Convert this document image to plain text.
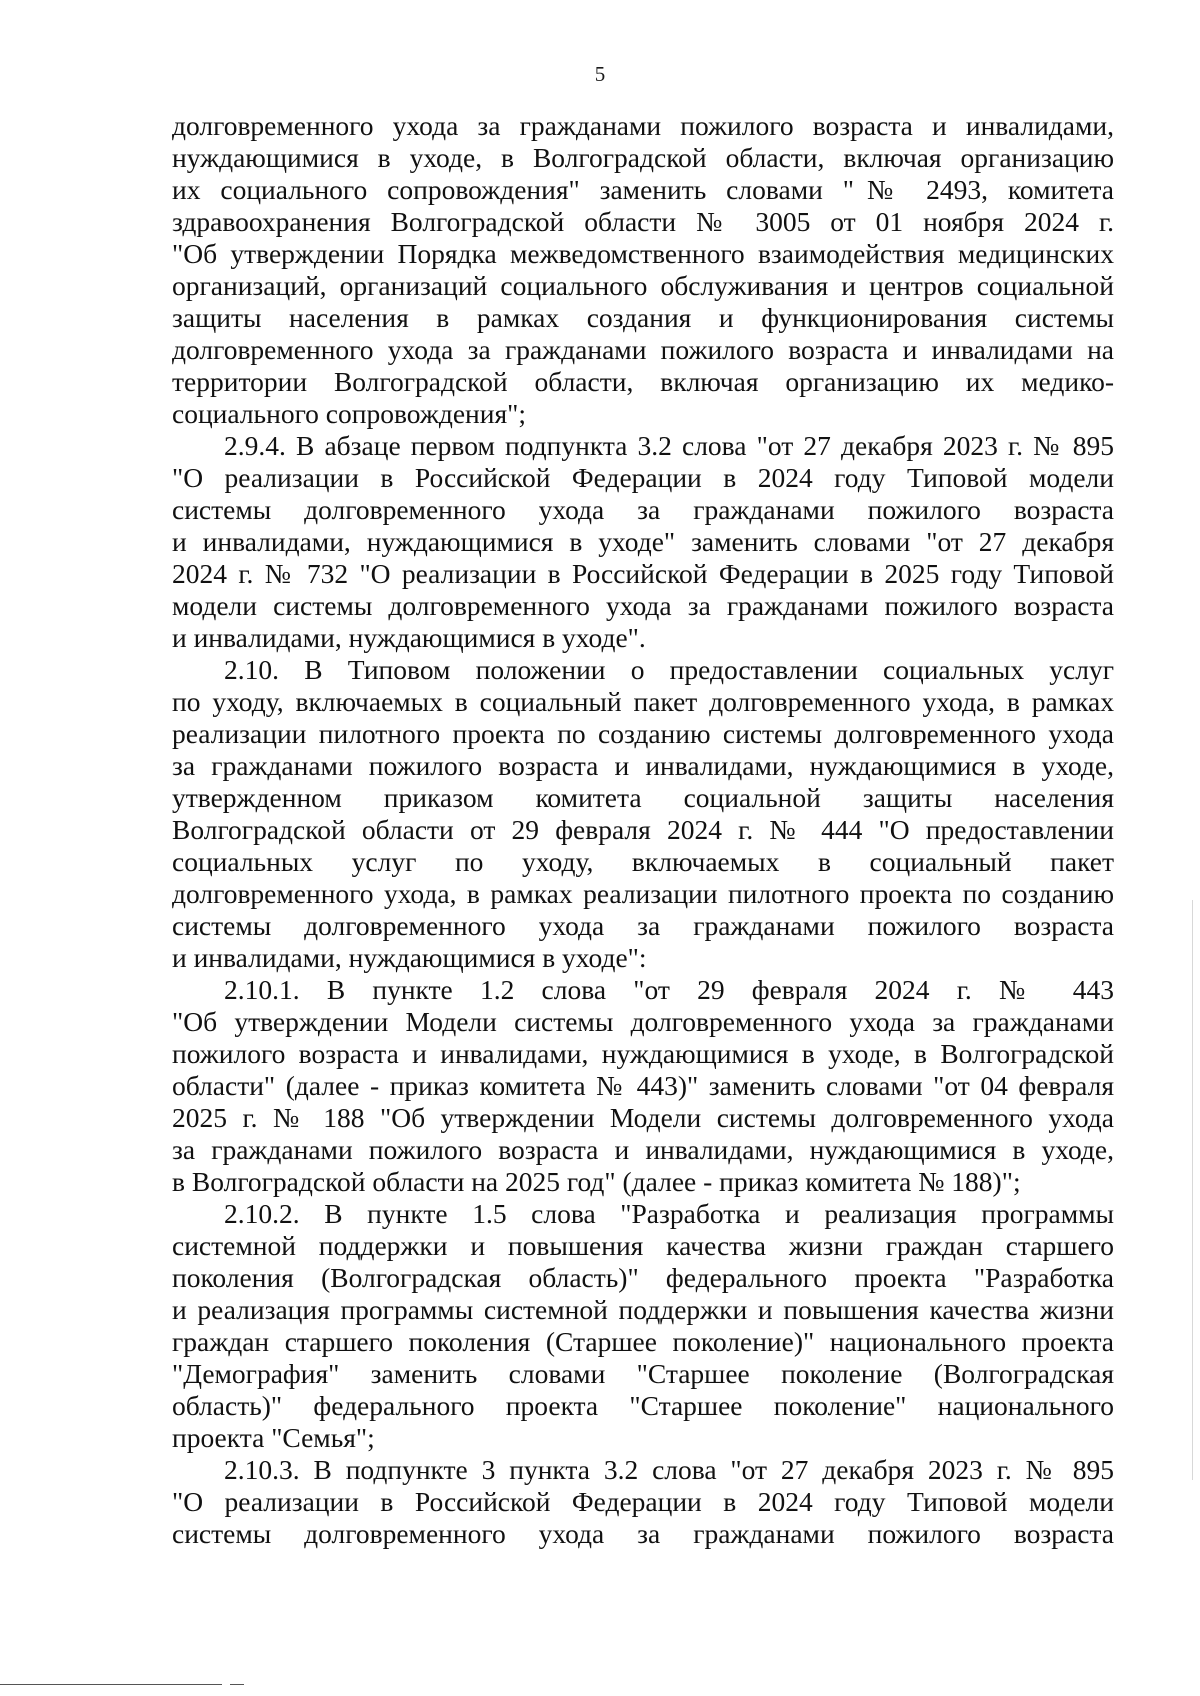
5
долговременного ухода за гражданами пожилого возраста и инвалидами,
нуждающимися в уходе, в Волгоградской области, включая организацию
их социального сопровождения" заменить словами "№ 2493, комитета
здравоохранения Волгоградской области № 3005 от 01 ноября 2024 г.
"Об утверждении Порядка межведомственного взаимодействия медицинских
организаций, организаций социального обслуживания и центров социальной
защиты населения в рамках создания и функционирования системы
долговременного ухода за гражданами пожилого возраста и инвалидами на
территории Волгоградской области, включая организацию их медико-
социального сопровождения";
2.9.4. В абзаце первом подпункта 3.2 слова "от 27 декабря 2023 г. № 895
"О реализации в Российской Федерации в 2024 году Типовой модели
системы долговременного ухода за гражданами пожилого возраста
и инвалидами, нуждающимися в уходе" заменить словами "от 27 декабря
2024 г. № 732 "О реализации в Российской Федерации в 2025 году Типовой
модели системы долговременного ухода за гражданами пожилого возраста
и инвалидами, нуждающимися в уходе".
2.10. В Типовом положении о предоставлении социальных услуг
по уходу, включаемых в социальный пакет долговременного ухода, в рамках
реализации пилотного проекта по созданию системы долговременного ухода
за гражданами пожилого возраста и инвалидами, нуждающимися в уходе,
утвержденном приказом комитета социальной защиты населения
Волгоградской области от 29 февраля 2024 г. № 444 "О предоставлении
социальных услуг по уходу, включаемых в социальный пакет
долговременного ухода, в рамках реализации пилотного проекта по созданию
системы долговременного ухода за гражданами пожилого возраста
и инвалидами, нуждающимися в уходе":
2.10.1. В пункте 1.2 слова "от 29 февраля 2024 г. № 443
"Об утверждении Модели системы долговременного ухода за гражданами
пожилого возраста и инвалидами, нуждающимися в уходе, в Волгоградской
области" (далее - приказ комитета № 443)" заменить словами "от 04 февраля
2025 г. № 188 "Об утверждении Модели системы долговременного ухода
за гражданами пожилого возраста и инвалидами, нуждающимися в уходе,
в Волгоградской области на 2025 год" (далее - приказ комитета № 188)";
2.10.2. В пункте 1.5 слова "Разработка и реализация программы
системной поддержки и повышения качества жизни граждан старшего
поколения (Волгоградская область)" федерального проекта "Разработка
и реализация программы системной поддержки и повышения качества жизни
граждан старшего поколения (Старшее поколение)" национального проекта
"Демография" заменить словами "Старшее поколение (Волгоградская
область)" федерального проекта "Старшее поколение" национального
проекта "Семья";
2.10.3. В подпункте 3 пункта 3.2 слова "от 27 декабря 2023 г. № 895
"О реализации в Российской Федерации в 2024 году Типовой модели
системы долговременного ухода за гражданами пожилого возраста
